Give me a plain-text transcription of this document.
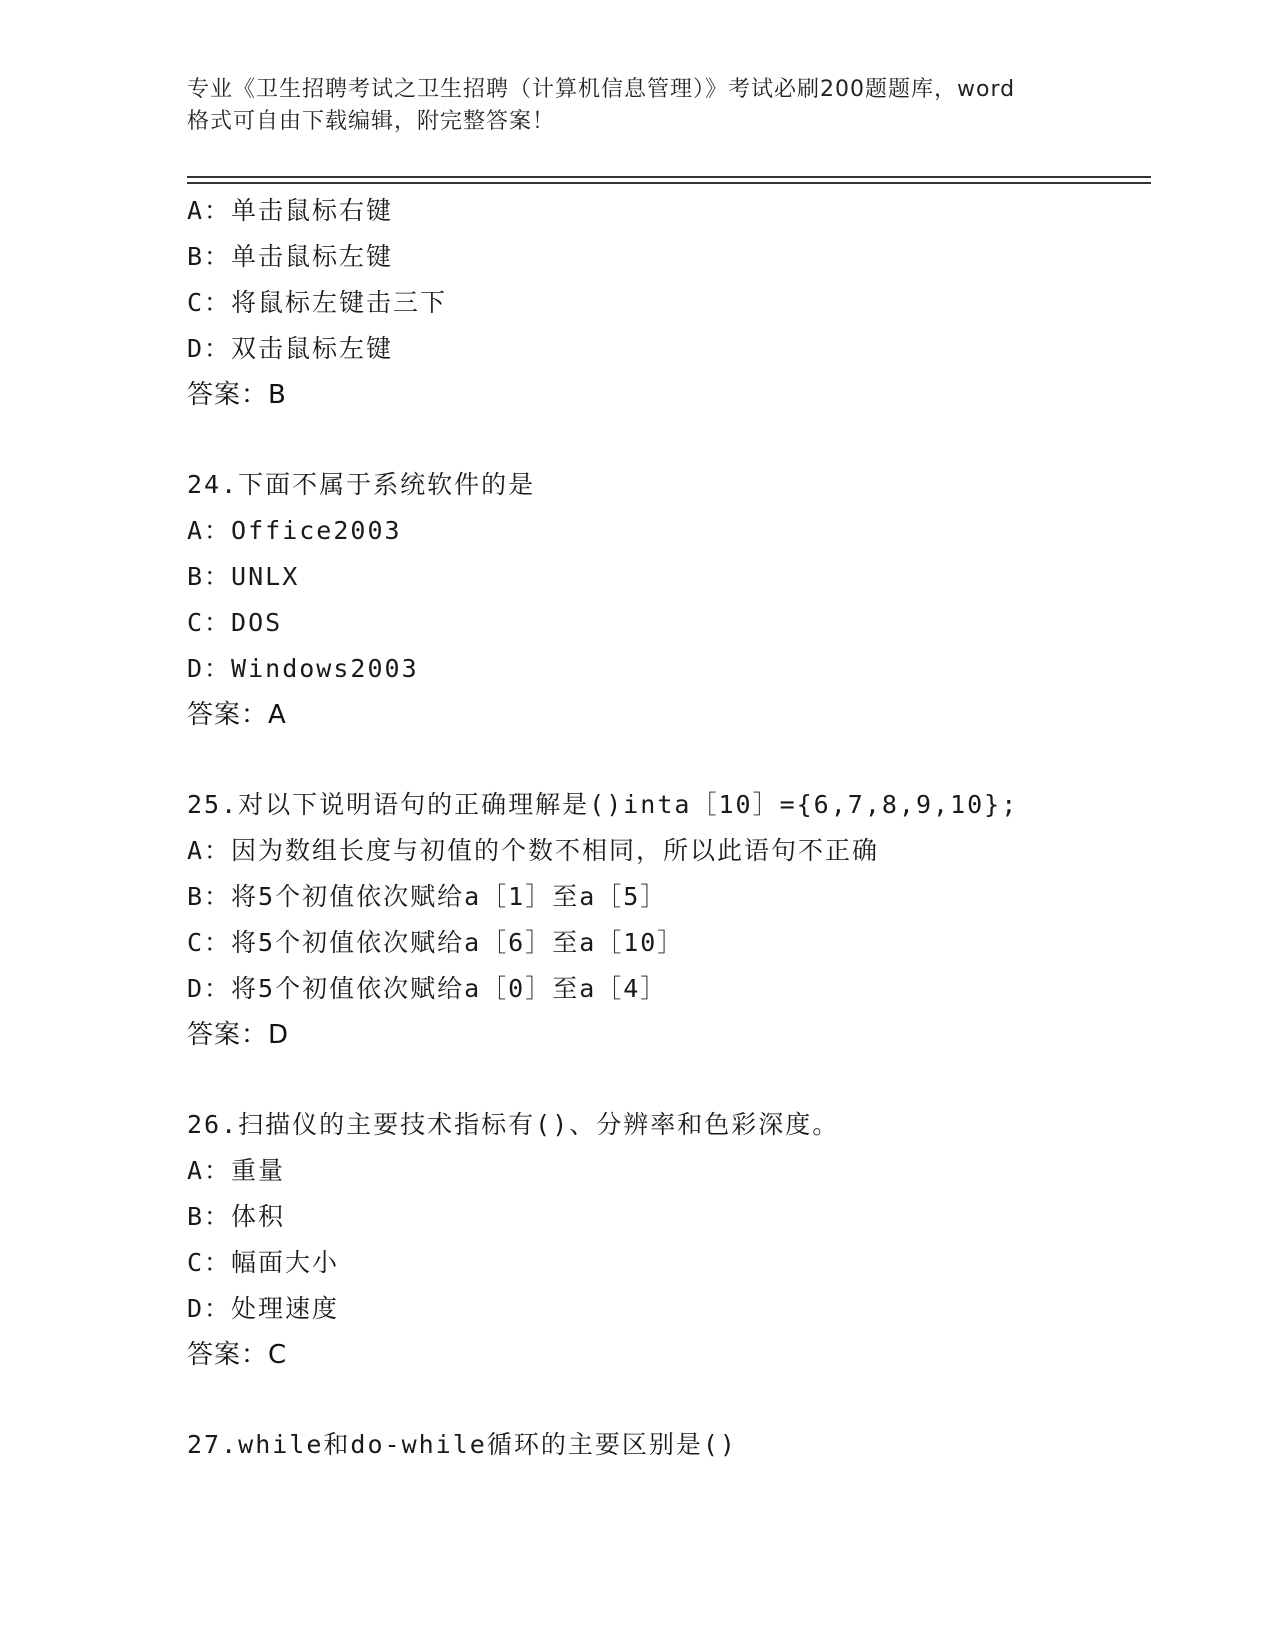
专业《卫生招聘考试之卫生招聘（计算机信息管理）》考试必刷200题题库，word
格式可自由下载编辑，附完整答案！
A：单击鼠标右键
B：单击鼠标左键
C：将鼠标左键击三下
D：双击鼠标左键
答案：B
24.下面不属于系统软件的是
A：Office2003
B：UNLX
C：DOS
D：Windows2003
答案：A
25.对以下说明语句的正确理解是()inta［10］={6,7,8,9,10};
A：因为数组长度与初值的个数不相同，所以此语句不正确
B：将5个初值依次赋给a［1］至a［5］
C：将5个初值依次赋给a［6］至a［10］
D：将5个初值依次赋给a［0］至a［4］
答案：D
26.扫描仪的主要技术指标有()、分辨率和色彩深度。
A：重量
B：体积
C：幅面大小
D：处理速度
答案：C
27.while和do-while循环的主要区别是()
